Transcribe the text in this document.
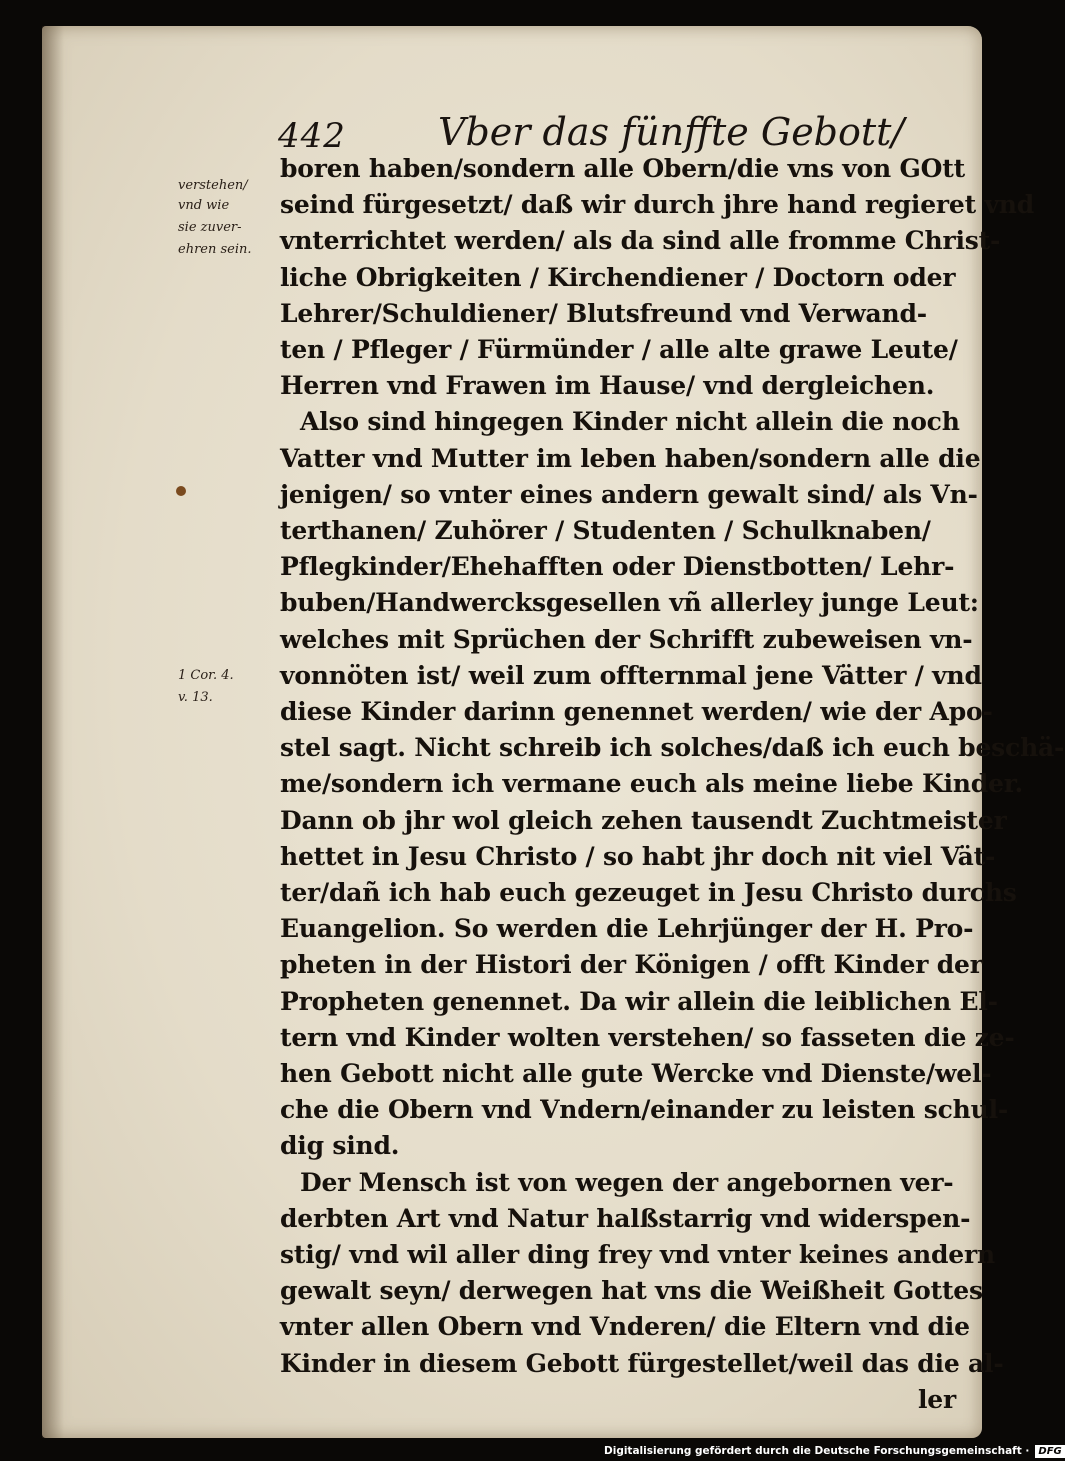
442 Vber das fünffte Gebott/
verstehen/
vnd wie
sie zuver-
ehren sein.
1 Cor. 4.
v. 13.
boren haben/sondern alle Obern/die vns von GOtt
seind fürgesetzt/ daß wir durch jhre hand regieret vnd
vnterrichtet werden/ als da sind alle fromme Christ-
liche Obrigkeiten / Kirchendiener / Doctorn oder
Lehrer/Schuldiener/ Blutsfreund vnd Verwand-
ten / Pfleger / Fürmünder / alle alte grawe Leute/
Herren vnd Frawen im Hause/ vnd dergleichen.
Also sind hingegen Kinder nicht allein die noch
Vatter vnd Mutter im leben haben/sondern alle die
jenigen/ so vnter eines andern gewalt sind/ als Vn-
terthanen/ Zuhörer / Studenten / Schulknaben/
Pflegkinder/Ehehafften oder Dienstbotten/ Lehr-
buben/Handwercksgesellen vñ allerley junge Leut:
welches mit Sprüchen der Schrifft zubeweisen vn-
vonnöten ist/ weil zum offternmal jene Vätter / vnd
diese Kinder darinn genennet werden/ wie der Apo-
stel sagt. Nicht schreib ich solches/daß ich euch beschä-
me/sondern ich vermane euch als meine liebe Kinder.
Dann ob jhr wol gleich zehen tausendt Zuchtmeister
hettet in Jesu Christo / so habt jhr doch nit viel Vät-
ter/dañ ich hab euch gezeuget in Jesu Christo durchs
Euangelion. So werden die Lehrjünger der H. Pro-
pheten in der Histori der Königen / offt Kinder der
Propheten genennet. Da wir allein die leiblichen El-
tern vnd Kinder wolten verstehen/ so fasseten die ze-
hen Gebott nicht alle gute Wercke vnd Dienste/wel-
che die Obern vnd Vndern/einander zu leisten schul-
dig sind.
Der Mensch ist von wegen der angebornen ver-
derbten Art vnd Natur halßstarrig vnd widerspen-
stig/ vnd wil aller ding frey vnd vnter keines andern
gewalt seyn/ derwegen hat vns die Weißheit Gottes
vnter allen Obern vnd Vnderen/ die Eltern vnd die
Kinder in diesem Gebott fürgestellet/weil das die al-
ler
Digitalisierung gefördert durch die Deutsche Forschungsgemeinschaft · DFG
